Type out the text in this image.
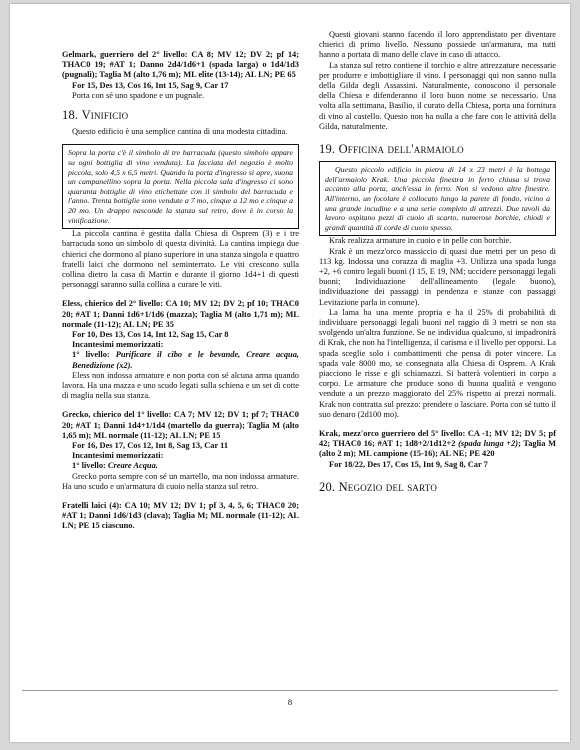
Gelmark, guerriero del 2° livello: CA 8; MV 12; DV 2; pf 14; THAC0 19; #AT 1; Danno 2d4/1d6+1 (spada larga) o 1d4/1d3 (pugnali); Taglia M (alto 1,76 m); ML elite (13-14); AL LN; PE 65

For 15, Des 13, Cos 16, Int 15, Sag 9, Car 17

Porta con sé uno spadone e un pugnale.

18. Vinificio

Questo edificio è una semplice cantina di una modesta cittadina.

Sopra la porta c'è il simbolo di tre barracuda (questo simbolo appare su ogni bottiglia di vino venduta). La facciata del negozio è molto piccola, solo 4,5 x 6,5 metri. Quando la porta d'ingresso si apre, suona un campanellino sopra la porta. Nella piccola sala d'ingresso ci sono quaranta bottiglie di vino etichettate con il simbolo del barracuda e l'anno. Trenta bottiglie sono vendute a 7 mo, cinque a 12 mo e cinque a 20 mo. Un drappo nasconde la stanza sul retro, dove è in corso la vinificazione.

La piccola cantina è gestita dalla Chiesa di Osprem (3) e i tre barracuda sono un simbolo di questa divinità. La cantina impiega due chierici che dormono al piano superiore in una stanza singola e quattro fratelli laici che dormono nel seminterrato. Le viti crescono sulla collina dietro la casa di Martin e durante il giorno 1d4+1 di questi personaggi saranno sulla collina a curare le viti.

Eless, chierico del 2° livello: CA 10; MV 12; DV 2; pf 10; THAC0 20; #AT 1; Danni 1d6+1/1d6 (mazza); Taglia M (alto 1,71 m); ML normale (11-12); AL LN; PE 35

For 10, Des 13, Cos 14, Int 12, Sag 15, Car 8

Incantesimi memorizzati:

1° livello: Purificare il cibo e le bevande, Creare acqua, Benedizione (x2).

Eless non indossa armature e non porta con sé alcuna arma quando lavora. Ha una mazza e uno scudo legati sulla schiena e un set di cotte di maglia nella sua stanza.

Grecko, chierico del 1° livello: CA 7; MV 12; DV 1; pf 7; THAC0 20; #AT 1; Danni 1d4+1/1d4 (martello da guerra); Taglia M (alto 1,65 m); ML normale (11-12); AL LN; PE 15

For 16, Des 17, Cos 12, Int 8, Sag 13, Car 11

Incantesimi memorizzati:

1° livello: Creare Acqua.

Grecko porta sempre con sé un martello, ma non indossa armature. Ha uno scudo e un'armatura di cuoio nella stanza sul retro.

Fratelli laici (4): CA 10; MV 12; DV 1; pf 3, 4, 5, 6; THAC0 20; #AT 1; Danni 1d6/1d3 (clava); Taglia M; ML normale (11-12); AL LN; PE 15 ciascuno.

Questi giovani stanno facendo il loro apprendistato per diventare chierici di primo livello. Nessuno possiede un'armatura, ma tutti hanno a portata di mano delle clave in caso di attacco.

La stanza sul retro contiene il torchio e altre attrezzature necessarie per produrre e imbottigliare il vino. I personaggi qui non sanno nulla della Gilda degli Assassini. Naturalmente, conoscono il personale della Chiesa e difenderanno il loro buon nome se necessario. Una volta alla settimana, Basilio, il curato della Chiesa, porta una fornitura di vino al castello. Questo non ha nulla a che fare con le attività della Gilda, naturalmente.

19. Officina dell'armaiolo

Questo piccolo edificio in pietra di 14 x 23 metri è la bottega dell'armaiolo Krak. Una piccola finestra in ferro chiusa si trova accanto alla porta, anch'essa in ferro. Non si vedono altre finestre. All'interno, un focolare è collocato lungo la parete di fondo, vicino a una grande incudine e a una serie completo di attrezzi. Due tavoli da lavoro ospitano pezzi di cuoio di scarto, numerose borchie, chiodi e grandi quantità di corde di cuoio spesso.

Krak realizza armature in cuoio e in pelle con borchie.

Krak è un mezz'orco massiccio di quasi due metri per un peso di 113 kg. Indossa una corazza di maglia +3. Utilizza una spada lunga +2, +6 contro legali buoni (I 15, E 19, NM; uccidere personaggi legali buoni; Individuazione dell'allineamento (legale buono), individuazione dei passaggi in pendenza e stanze con passaggi Levitazione parla in comune).

La lama ha una mente propria e ha il 25% di probabilità di individuare personaggi legali buoni nel raggio di 3 metri se non sta svolgendo un'altra funzione. Se ne individua qualcuno, si impadronirà di Krak, che non ha l'intelligenza, il carisma e il livello per opporsi. La spada sceglie solo i combattimenti che pensa di poter vincere. La spada vale 8000 mo, se consegnata alla Chiesa di Osprem. A Krak piacciono le risse e gli schiamazzi. Si batterà volentieri in corpo a corpo. Le armature che produce sono di buona qualità e vengono vendute a un prezzo maggiorato del 25% rispetto ai prezzi normali. Krak non contratta sul prezzo: prendere o lasciare. Porta con sé tutto il suo denaro (2d100 mo).

Krak, mezz'orco guerriero del 5° livello: CA -1; MV 12; DV 5; pf 42; THAC0 16; #AT 1; 1d8+2/1d12+2 (spada lunga +2); Taglia M (alto 2 m); ML campione (15-16); AL NE; PE 420

For 18/22, Des 17, Cos 15, Int 9, Sag 8, Car 7

20. Negozio del sarto
8
